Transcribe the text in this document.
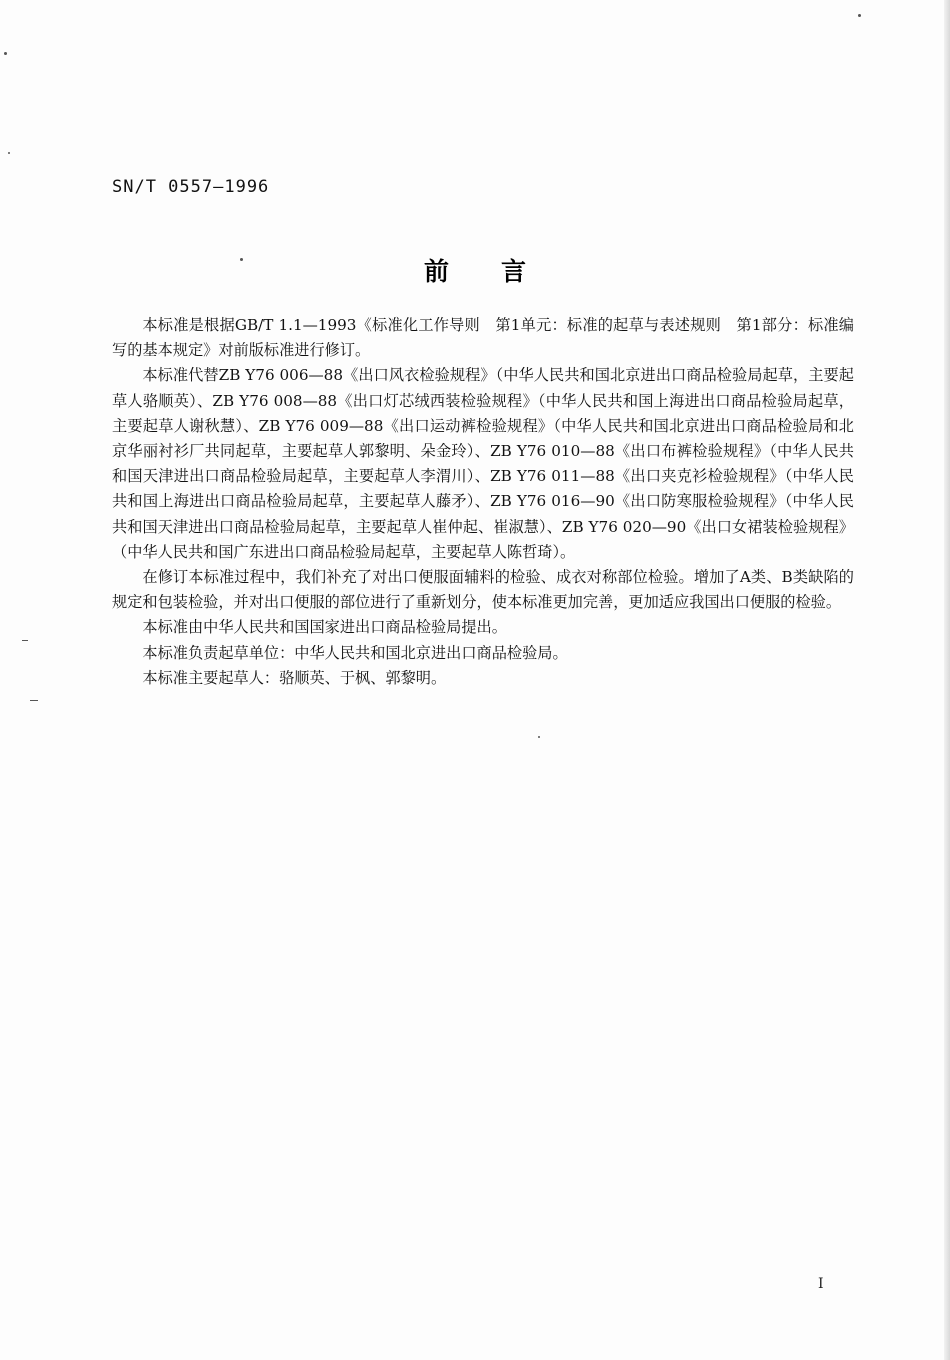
SN/T 0557—1996
前言

本标准是根据GB/T 1.1—1993《标准化工作导则　第1单元：标准的起草与表述规则　第1部分：标准编写的基本规定》对前版标准进行修订。

本标准代替ZB Y76 006—88《出口风衣检验规程》（中华人民共和国北京进出口商品检验局起草，主要起草人骆顺英）、ZB Y76 008—88《出口灯芯绒西装检验规程》（中华人民共和国上海进出口商品检验局起草，主要起草人谢秋慧）、ZB Y76 009—88《出口运动裤检验规程》（中华人民共和国北京进出口商品检验局和北京华丽衬衫厂共同起草，主要起草人郭黎明、朵金玲）、ZB Y76 010—88《出口布裤检验规程》（中华人民共和国天津进出口商品检验局起草，主要起草人李渭川）、ZB Y76 011—88《出口夹克衫检验规程》（中华人民共和国上海进出口商品检验局起草，主要起草人藤矛）、ZB Y76 016—90《出口防寒服检验规程》（中华人民共和国天津进出口商品检验局起草，主要起草人崔仲起、崔淑慧）、ZB Y76 020—90《出口女裙装检验规程》（中华人民共和国广东进出口商品检验局起草，主要起草人陈哲琦）。

在修订本标准过程中，我们补充了对出口便服面辅料的检验、成衣对称部位检验。增加了A类、B类缺陷的规定和包装检验，并对出口便服的部位进行了重新划分，使本标准更加完善，更加适应我国出口便服的检验。

本标准由中华人民共和国国家进出口商品检验局提出。

本标准负责起草单位：中华人民共和国北京进出口商品检验局。

本标准主要起草人：骆顺英、于枫、郭黎明。

I
